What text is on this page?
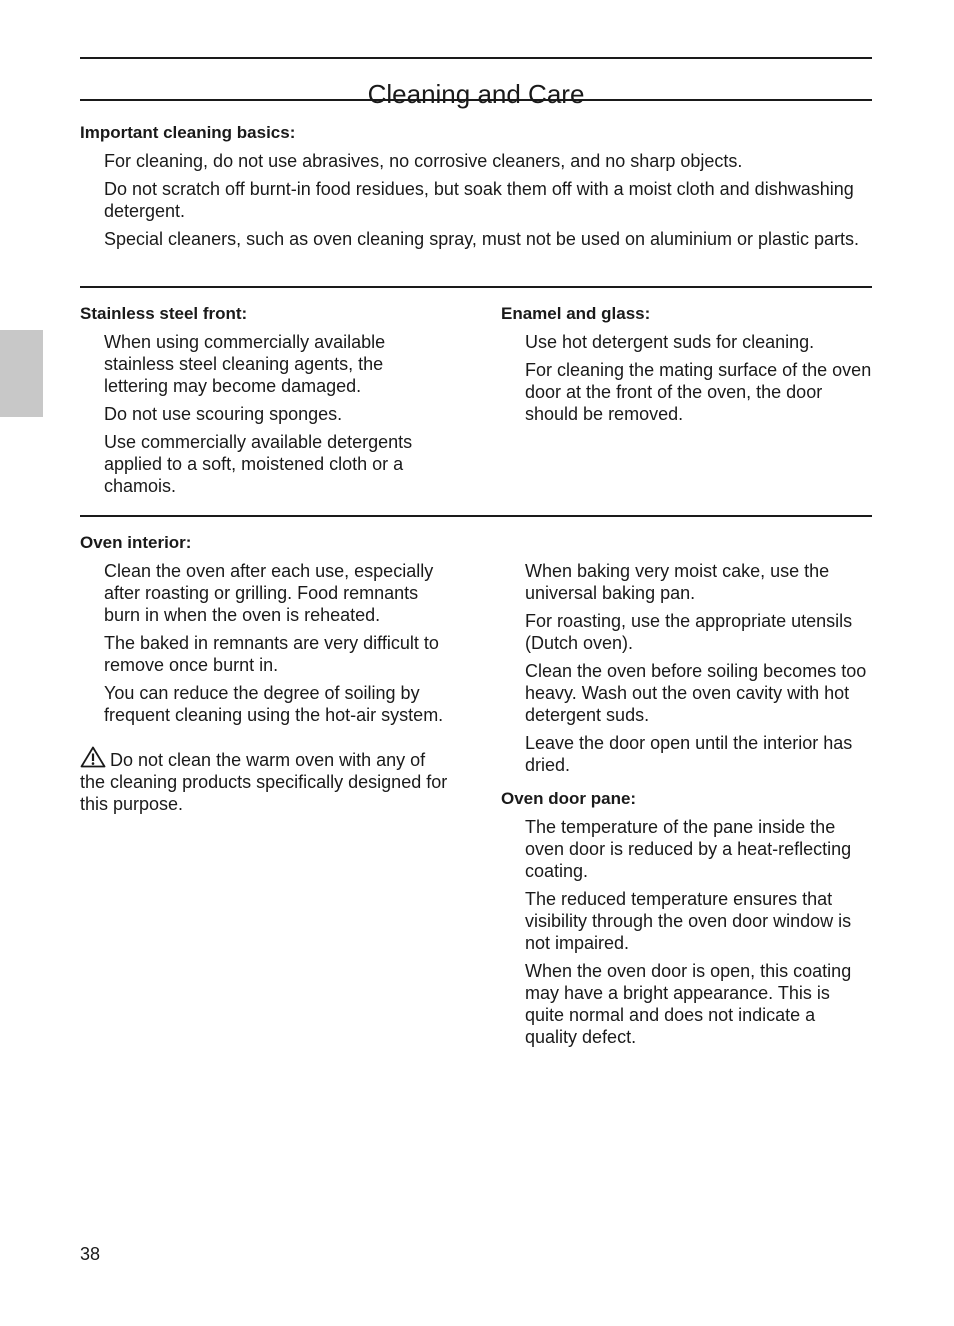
Cleaning and Care
Important cleaning basics:

For cleaning, do not use abrasives, no corrosive cleaners, and no sharp objects.

Do not scratch off burnt-in food residues, but soak them off with a moist cloth and dishwashing detergent.

Special cleaners, such as oven cleaning spray, must not be used on aluminium or plastic parts.

Stainless steel front:

When using commercially available stainless steel cleaning agents, the lettering may become damaged.

Do not use scouring sponges.

Use commercially available detergents applied to a soft, moistened cloth or a chamois.

Enamel and glass:

Use hot detergent suds for cleaning.

For cleaning the mating surface of the oven door at the front of the oven, the door should be removed.

Oven interior:

Clean the oven after each use, especially after roasting or grilling. Food remnants burn in when the oven is reheated.

The baked in remnants are very difficult to remove once burnt in.

You can reduce the degree of soiling by frequent cleaning using the hot-air system.

Do not clean the warm oven with any of the cleaning products specifically designed for this purpose.

When baking very moist cake, use the universal baking pan.

For roasting, use the appropriate utensils (Dutch oven).

Clean the oven before soiling becomes too heavy. Wash out the oven cavity with hot detergent suds.

Leave the door open until the interior has dried.

Oven door pane:

The temperature of the pane inside the oven door is reduced by a heat-reflecting coating.

The reduced temperature ensures that visibility through the oven door window is not impaired.

When the oven door is open, this coating may have a bright appearance. This is quite normal and does not indicate a quality defect.

38
